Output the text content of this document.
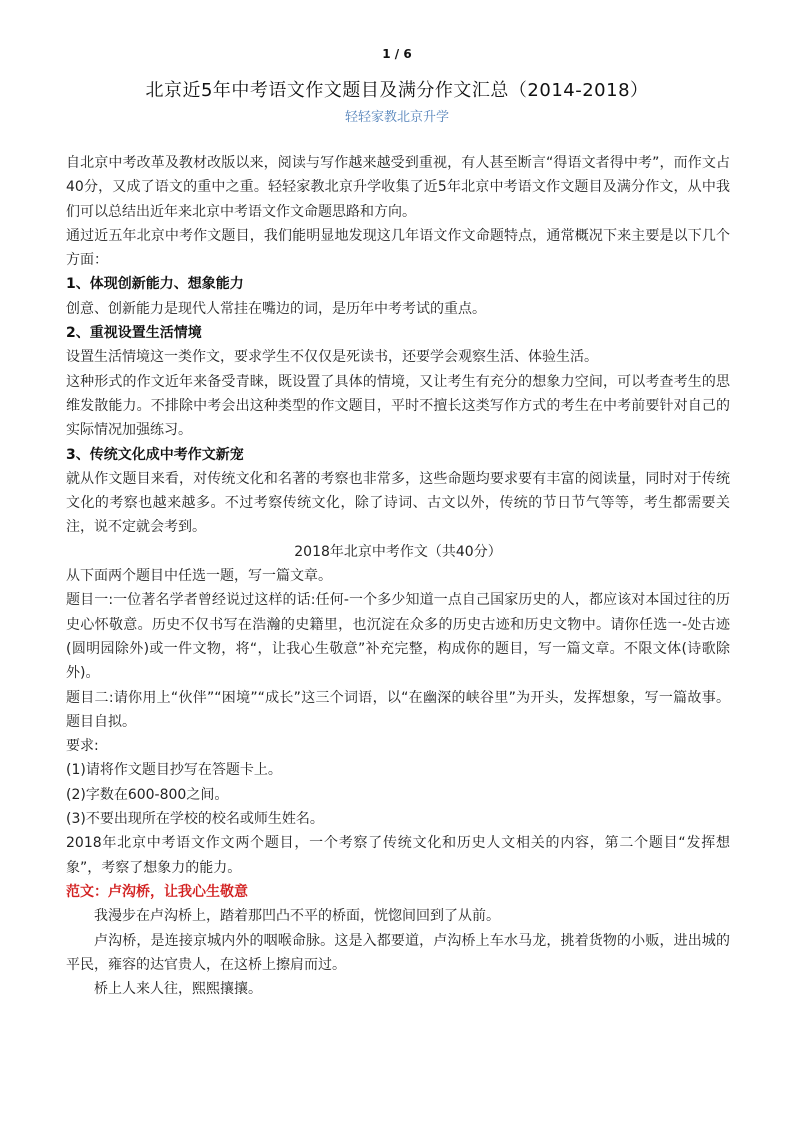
1 / 6
北京近5年中考语文作文题目及满分作文汇总（2014-2018）
轻轻家教北京升学

自北京中考改革及教材改版以来，阅读与写作越来越受到重视，有人甚至断言“得语文者得中考”，而作文占40分，又成了语文的重中之重。轻轻家教北京升学收集了近5年北京中考语文作文题目及满分作文，从中我们可以总结出近年来北京中考语文作文命题思路和方向。

通过近五年北京中考作文题目，我们能明显地发现这几年语文作文命题特点，通常概况下来主要是以下几个方面：

1、体现创新能力、想象能力

创意、创新能力是现代人常挂在嘴边的词，是历年中考考试的重点。

2、重视设置生活情境

设置生活情境这一类作文，要求学生不仅仅是死读书，还要学会观察生活、体验生活。

这种形式的作文近年来备受青睐，既设置了具体的情境，又让考生有充分的想象力空间，可以考查考生的思维发散能力。不排除中考会出这种类型的作文题目，平时不擅长这类写作方式的考生在中考前要针对自己的实际情况加强练习。

3、传统文化成中考作文新宠

就从作文题目来看，对传统文化和名著的考察也非常多，这些命题均要求要有丰富的阅读量，同时对于传统文化的考察也越来越多。不过考察传统文化，除了诗词、古文以外，传统的节日节气等等，考生都需要关注，说不定就会考到。

2018年北京中考作文（共40分）

从下面两个题目中任选一题，写一篇文章。

题目一:一位著名学者曾经说过这样的话:任何-一个多少知道一点自己国家历史的人，都应该对本国过往的历史心怀敬意。历史不仅书写在浩瀚的史籍里，也沉淀在众多的历史古迹和历史文物中。请你任选一-处古迹(圆明园除外)或一件文物，将“，让我心生敬意”补充完整，构成你的题目，写一篇文章。不限文体(诗歌除外)。

题目二:请你用上“伙伴”“困境”“成长”这三个词语，以“在幽深的峡谷里”为开头，发挥想象，写一篇故事。题目自拟。

要求:

(1)请将作文题目抄写在答题卡上。

(2)字数在600-800之间。

(3)不要出现所在学校的校名或师生姓名。

2018年北京中考语文作文两个题目，一个考察了传统文化和历史人文相关的内容，第二个题目“发挥想象”，考察了想象力的能力。

范文：卢沟桥，让我心生敬意

我漫步在卢沟桥上，踏着那凹凸不平的桥面，恍惚间回到了从前。

卢沟桥，是连接京城内外的咽喉命脉。这是入都要道，卢沟桥上车水马龙，挑着货物的小贩，进出城的平民，雍容的达官贵人，在这桥上擦肩而过。

桥上人来人往，熙熙攘攘。
